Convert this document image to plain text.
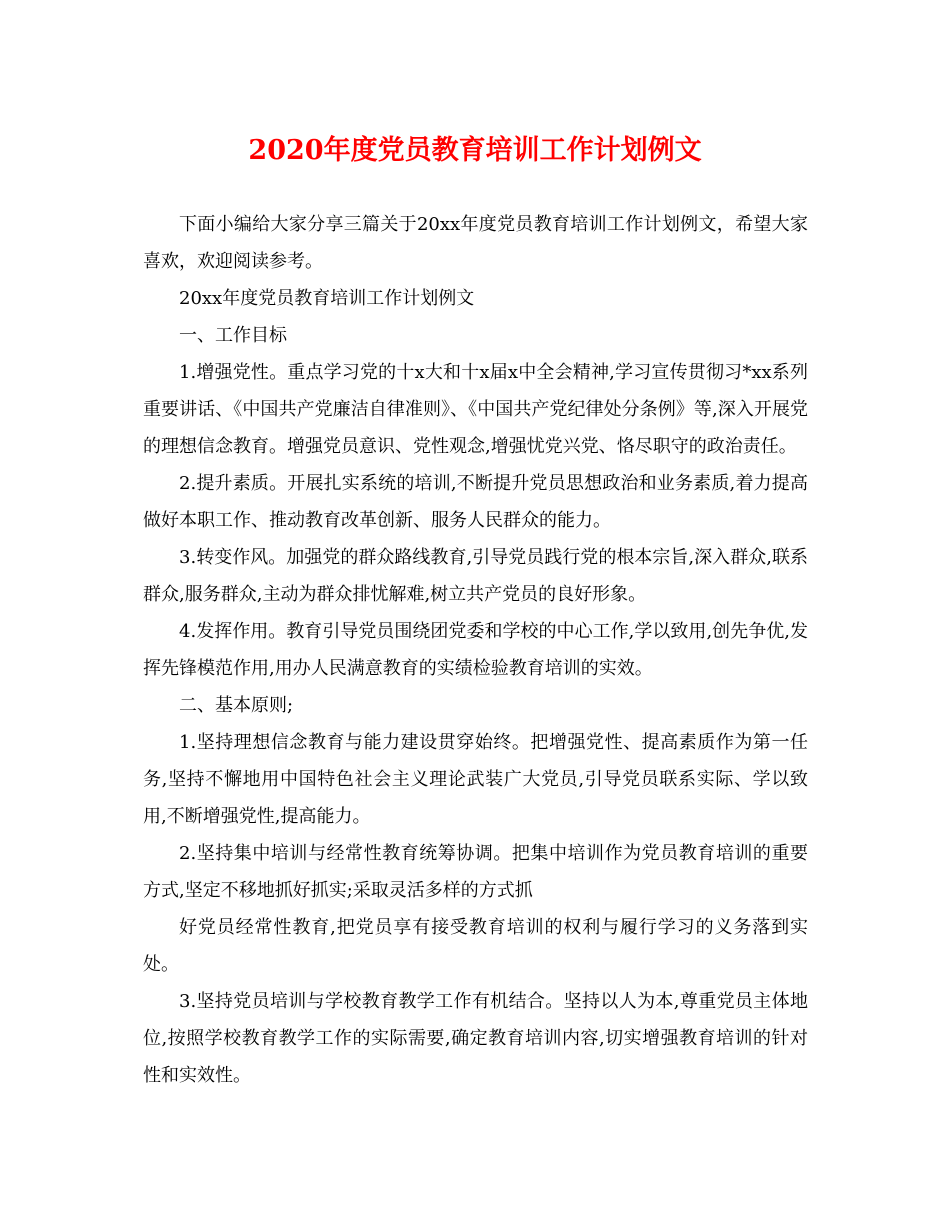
2020年度党员教育培训工作计划例文

下面小编给大家分享三篇关于20xx年度党员教育培训工作计划例文，希望大家喜欢，欢迎阅读参考。

20xx年度党员教育培训工作计划例文

一、工作目标

1.增强党性。重点学习党的十x大和十x届x中全会精神,学习宣传贯彻习*xx系列重要讲话、《中国共产党廉洁自律准则》、《中国共产党纪律处分条例》等,深入开展党的理想信念教育。增强党员意识、党性观念,增强忧党兴党、恪尽职守的政治责任。

2.提升素质。开展扎实系统的培训,不断提升党员思想政治和业务素质,着力提高做好本职工作、推动教育改革创新、服务人民群众的能力。

3.转变作风。加强党的群众路线教育,引导党员践行党的根本宗旨,深入群众,联系群众,服务群众,主动为群众排忧解难,树立共产党员的良好形象。

4.发挥作用。教育引导党员围绕团党委和学校的中心工作,学以致用,创先争优,发挥先锋模范作用,用办人民满意教育的实绩检验教育培训的实效。

二、基本原则;

1.坚持理想信念教育与能力建设贯穿始终。把增强党性、提高素质作为第一任务,坚持不懈地用中国特色社会主义理论武装广大党员,引导党员联系实际、学以致用,不断增强党性,提高能力。

2.坚持集中培训与经常性教育统筹协调。把集中培训作为党员教育培训的重要方式,坚定不移地抓好抓实;采取灵活多样的方式抓

好党员经常性教育,把党员享有接受教育培训的权利与履行学习的义务落到实处。

3.坚持党员培训与学校教育教学工作有机结合。坚持以人为本,尊重党员主体地位,按照学校教育教学工作的实际需要,确定教育培训内容,切实增强教育培训的针对性和实效性。
